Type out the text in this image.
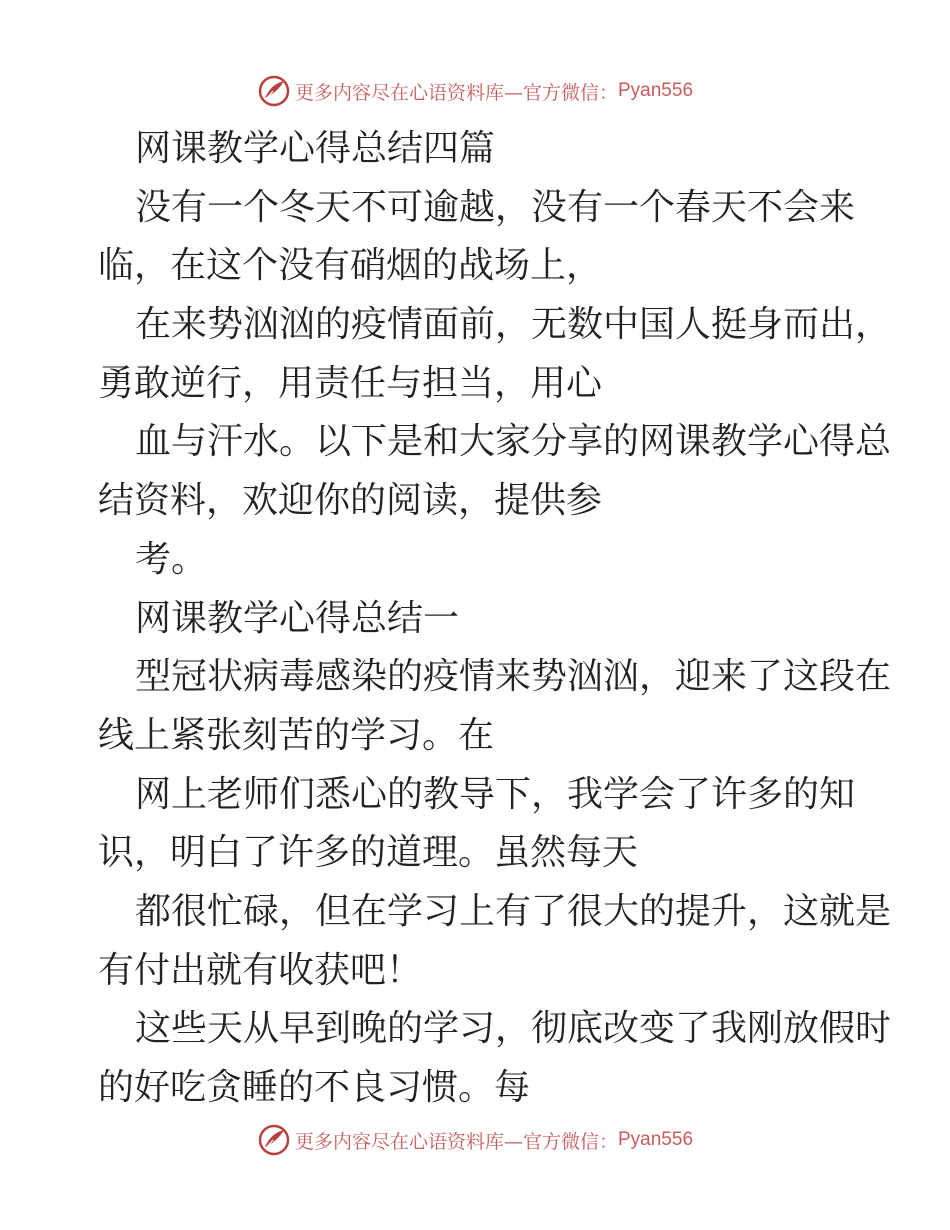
更多内容尽在心语资料库—官方微信： Pyan556
网课教学心得总结四篇
没有一个冬天不可逾越，没有一个春天不会来
临，在这个没有硝烟的战场上，
在来势汹汹的疫情面前，无数中国人挺身而出，
勇敢逆行，用责任与担当，用心
血与汗水。以下是和大家分享的网课教学心得总
结资料，欢迎你的阅读，提供参
考。
网课教学心得总结一
型冠状病毒感染的疫情来势汹汹，迎来了这段在
线上紧张刻苦的学习。在
网上老师们悉心的教导下，我学会了许多的知
识，明白了许多的道理。虽然每天
都很忙碌，但在学习上有了很大的提升，这就是
有付出就有收获吧！
这些天从早到晚的学习，彻底改变了我刚放假时
的好吃贪睡的不良习惯。每
更多内容尽在心语资料库—官方微信： Pyan556
